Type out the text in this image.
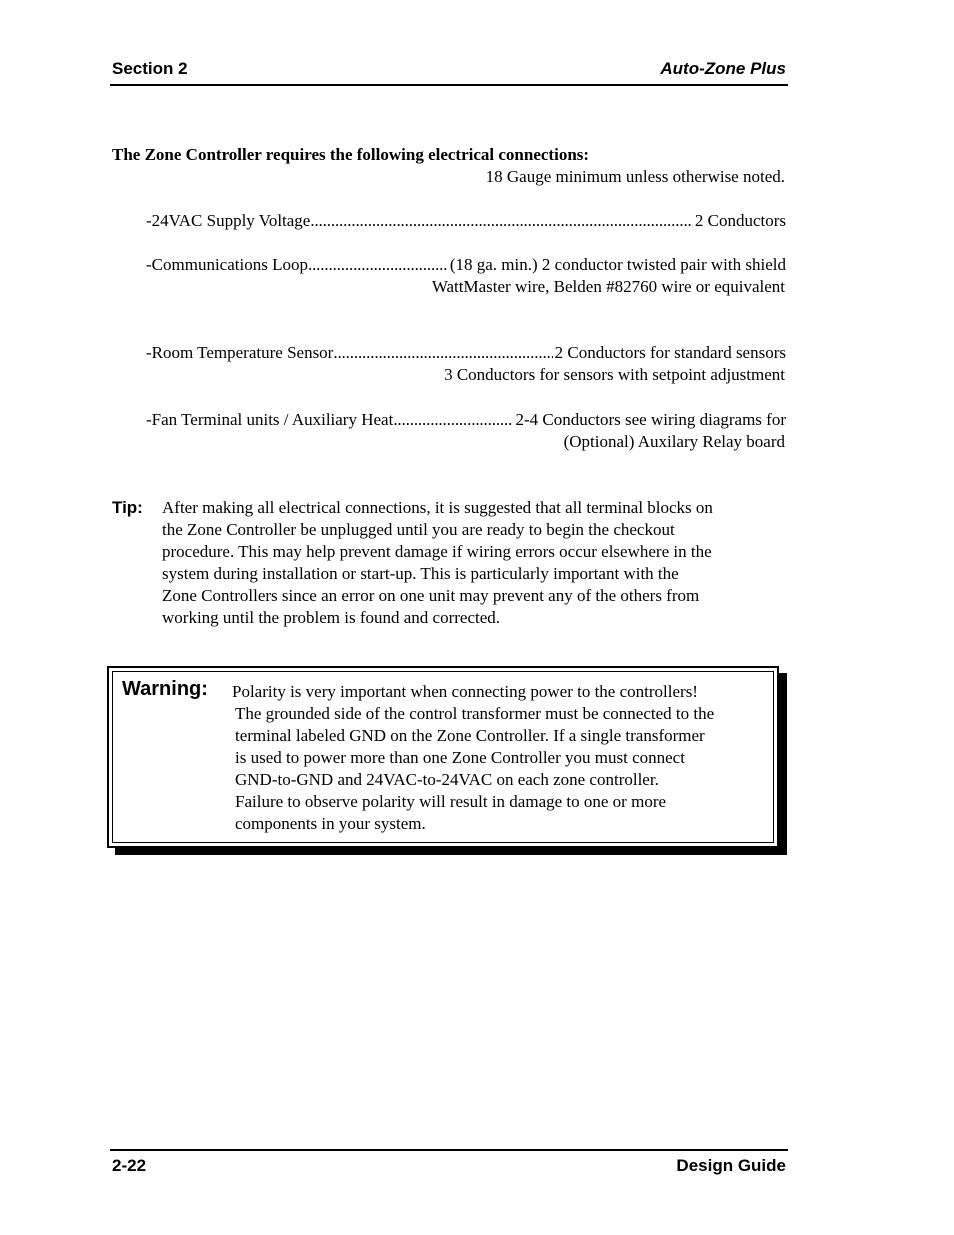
Section 2	Auto-Zone Plus
The Zone Controller requires the following electrical connections:
18 Gauge minimum unless otherwise noted.
-24VAC Supply Voltage . . .	2 Conductors
-Communications Loop . . .	(18 ga. min.) 2 conductor twisted pair with shield
WattMaster wire, Belden #82760 wire or equivalent
-Room Temperature Sensor . . .	2 Conductors for standard sensors
3 Conductors for sensors with setpoint adjustment
-Fan Terminal units / Auxiliary Heat . . .	2-4 Conductors see wiring diagrams for
(Optional) Auxilary Relay board
Tip: After making all electrical connections, it is suggested that all terminal blocks on
the Zone Controller be unplugged until you are ready to begin the checkout
procedure. This may help prevent damage if wiring errors occur elsewhere in the
system during installation or start-up. This is particularly important with the
Zone Controllers since an error on one unit may prevent any of the others from
working until the problem is found and corrected.
Warning: Polarity is very important when connecting power to the controllers!
The grounded side of the control transformer must be connected to the
terminal labeled GND on the Zone Controller. If a single transformer
is used to power more than one Zone Controller you must connect
GND-to-GND and 24VAC-to-24VAC on each zone controller.
Failure to observe polarity will result in damage to one or more
components in your system.
2-22	Design Guide
